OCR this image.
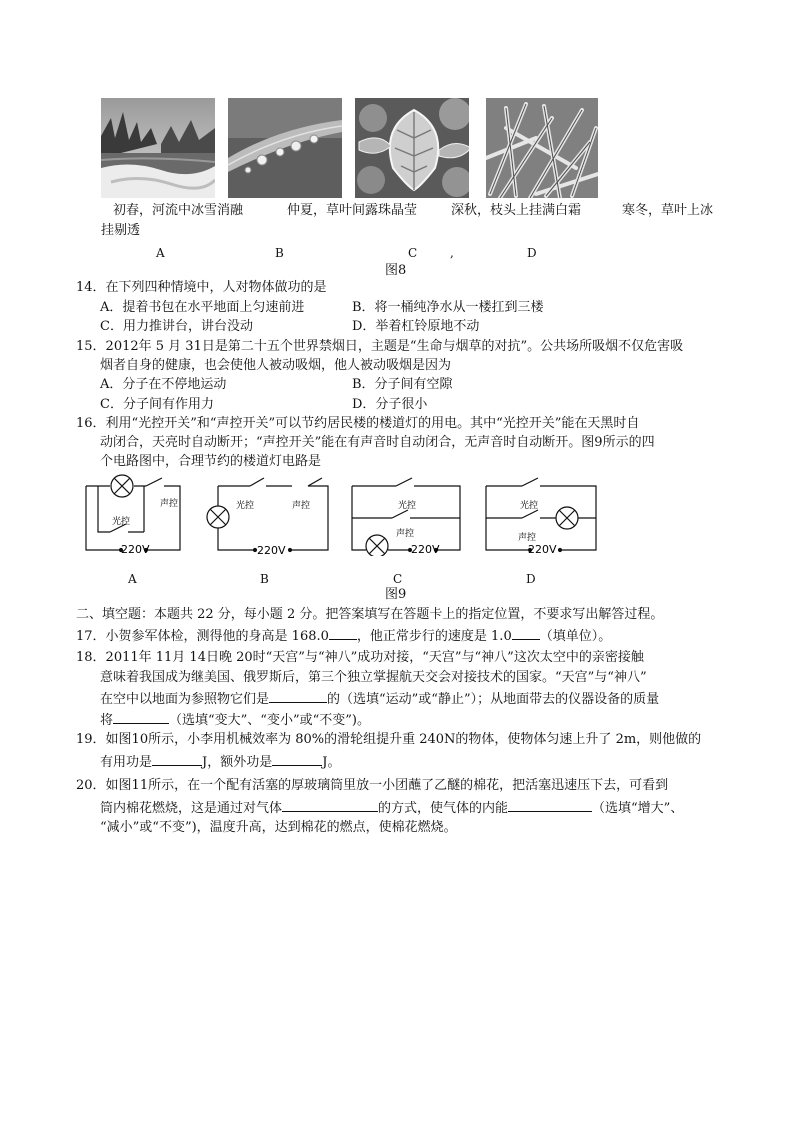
初春，河流中冰雪消融	仲夏，草叶间露珠晶莹	深秋，枝头上挂满白霜	寒冬，草叶上冰
挂剔透
A	B	C	,	D
图8
14．在下列四种情境中，人对物体做功的是
A．提着书包在水平地面上匀速前进	B．将一桶纯净水从一楼扛到三楼
C．用力推讲台，讲台没动	D．举着杠铃原地不动
15．2012年 5 月 31日是第二十五个世界禁烟日，主题是“生命与烟草的对抗”。公共场所吸烟不仅危害吸
烟者自身的健康，也会使他人被动吸烟，他人被动吸烟是因为
A．分子在不停地运动	B．分子间有空隙
C．分子间有作用力	D．分子很小
16．利用“光控开关”和“声控开关”可以节约居民楼的楼道灯的用电。其中“光控开关”能在天黑时自
动闭合，天亮时自动断开；“声控开关”能在有声音时自动闭合，无声音时自动断开。图9所示的四
个电路图中，合理节约的楼道灯电路是
声控
光控
220V
光控	声控
220V
光控
声控
220V
光控
声控
220V
A	B	C	D
图9
二、填空题：本题共 22 分，每小题 2 分。把答案填写在答题卡上的指定位置，不要求写出解答过程。
17．小贺参军体检，测得他的身高是 168.0 ，他正常步行的速度是 1.0 （填单位）。
18．2011年 11月 14日晚 20时“天宫”与“神八”成功对接，“天宫”与“神八”这次太空中的亲密接触
意味着我国成为继美国、俄罗斯后，第三个独立掌握航天交会对接技术的国家。“天宫”与“神八”
在空中以地面为参照物它们是	的（选填“运动”或“静止”）；从地面带去的仪器设备的质量
将	（选填“变大”、“变小”或“不变”)。
19．如图10所示，小李用机械效率为 80%的滑轮组提升重 240N的物体，使物体匀速上升了 2m，则他做的
有用功是	J，额外功是	J。
20．如图11所示，在一个配有活塞的厚玻璃筒里放一小团蘸了乙醚的棉花，把活塞迅速压下去，可看到
筒内棉花燃烧，这是通过对气体	的方式，使气体的内能	（选填“增大”、
“减小”或“不变”)，温度升高，达到棉花的燃点，使棉花燃烧。
